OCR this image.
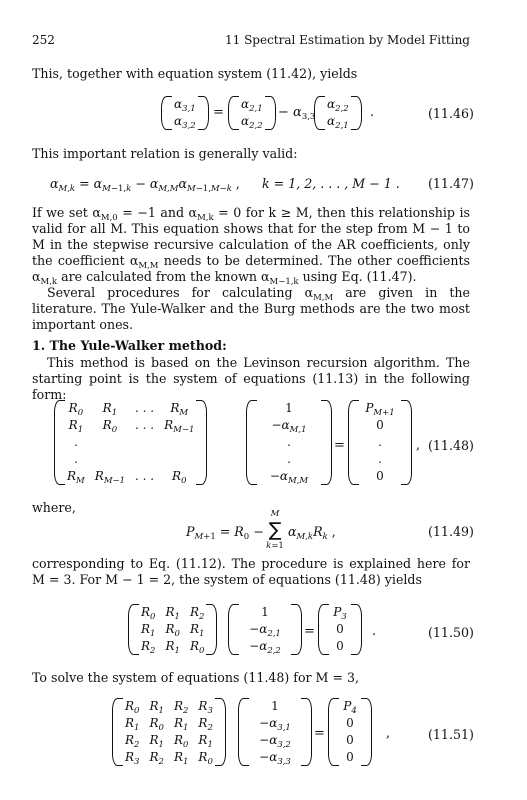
252	11 Spectral Estimation by Model Fitting
This, together with equation system (11.42), yields
$\alpha_{3,1}$
$\alpha_{3,2}$
=
$\alpha_{2,1}$
$\alpha_{2,2}$
− $\alpha_{3,3}$
$\alpha_{2,2}$
$\alpha_{2,1}$
.	(11.46)
This important relation is generally valid:
$\alpha_{M,k} = \alpha_{M-1,k} - \alpha_{M,M}\alpha_{M-1,M-k}$ , k = 1, 2, . . . , M − 1 . (11.47)
If we set $\alpha_{M,0} = -1$ and $\alpha_{M,k} = 0$ for k ≥ M, then this relationship is valid for all M. This equation shows that for the step from M − 1 to M in the stepwise recursive calculation of the AR coefficients, only the coefficient $\alpha_{M,M}$ needs to be determined. The other coefficients $\alpha_{M,k}$ are calculated from the known $\alpha_{M-1,k}$ using Eq. (11.47).
Several procedures for calculating $\alpha_{M,M}$ are given in the literature. The Yule-Walker and the Burg methods are the two most important ones.
1. The Yule-Walker method:
This method is based on the Levinson recursion algorithm. The starting point is the system of equations (11.13) in the following form:
$R_0$	$R_1$	. . .	$R_M$
$R_1$	$R_0$	. . .	$R_{M-1}$
.			
.			
$R_M$	$R_{M-1}$	. . .	$R_0$
1
$-\alpha_{M,1}$
.
.
$-\alpha_{M,M}$
=
$P_{M+1}$
0
.
.
0
, (11.48)
where,
$P_{M+1} = R_0$ −
M
∑
k=1
$\alpha_{M,k}R_k$ ,	(11.49)
corresponding to Eq. (11.12). The procedure is explained here for M = 3. For M − 1 = 2, the system of equations (11.48) yields
$R_0$	$R_1$	$R_2$
$R_1$	$R_0$	$R_1$
$R_2$	$R_1$	$R_0$
1
$-\alpha_{2,1}$
$-\alpha_{2,2}$
=
$P_3$
0
0
.	(11.50)
To solve the system of equations (11.48) for M = 3,
$R_0$	$R_1$	$R_2$	$R_3$
$R_1$	$R_0$	$R_1$	$R_2$
$R_2$	$R_1$	$R_0$	$R_1$
$R_3$	$R_2$	$R_1$	$R_0$
1
$-\alpha_{3,1}$
$-\alpha_{3,2}$
$-\alpha_{3,3}$
=
$P_4$
0
0
0
,	(11.51)
